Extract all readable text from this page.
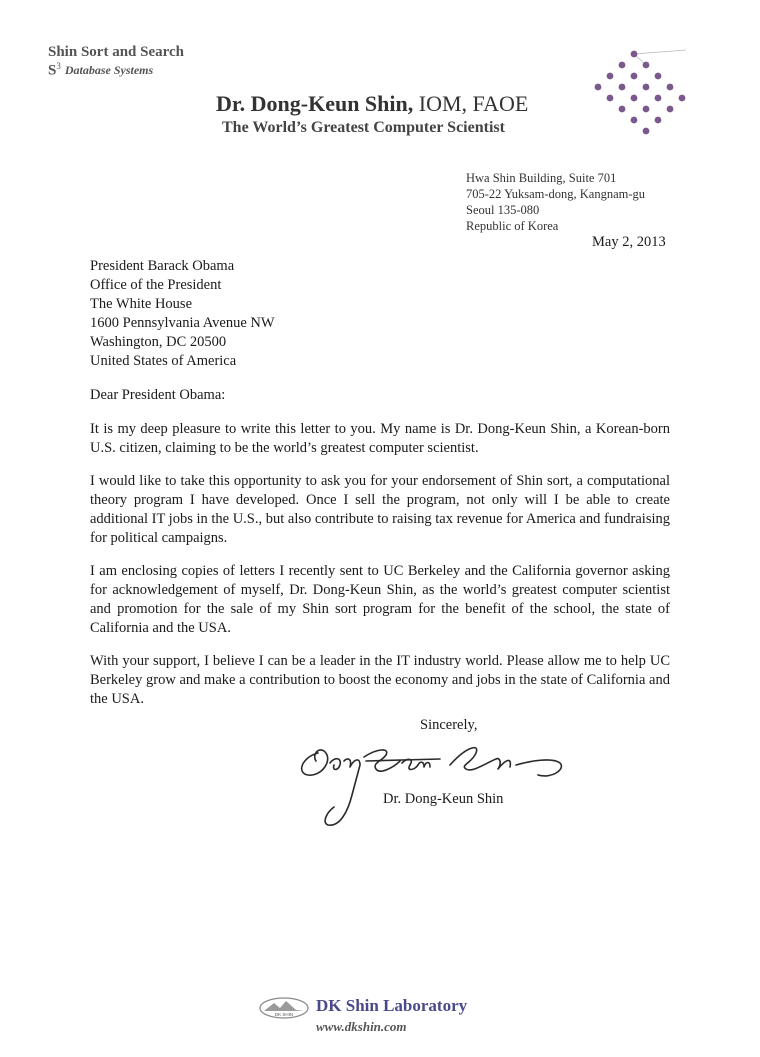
Shin Sort and Search
$S^3$ Database Systems
Dr. Dong-Keun Shin, IOM, FAOE
The World’s Greatest Computer Scientist
Hwa Shin Building, Suite 701
705-22 Yuksam-dong, Kangnam-gu
Seoul 135-080
Republic of Korea
May 2, 2013
President Barack Obama
Office of the President
The White House
1600 Pennsylvania Avenue NW
Washington, DC 20500
United States of America
Dear President Obama:
It is my deep pleasure to write this letter to you. My name is Dr. Dong-Keun Shin, a Korean-born U.S. citizen, claiming to be the world’s greatest computer scientist.
I would like to take this opportunity to ask you for your endorsement of Shin sort, a computational theory program I have developed. Once I sell the program, not only will I be able to create additional IT jobs in the U.S., but also contribute to raising tax revenue for America and fundraising for political campaigns.
I am enclosing copies of letters I recently sent to UC Berkeley and the California governor asking for acknowledgement of myself, Dr. Dong-Keun Shin, as the world’s greatest computer scientist and promotion for the sale of my Shin sort program for the benefit of the school, the state of California and the USA.
With your support, I believe I can be a leader in the IT industry world. Please allow me to help UC Berkeley grow and make a contribution to boost the economy and jobs in the state of California and the USA.
Sincerely,
Dr. Dong-Keun Shin
DK SHIN DK Shin Laboratory
www.dkshin.com
